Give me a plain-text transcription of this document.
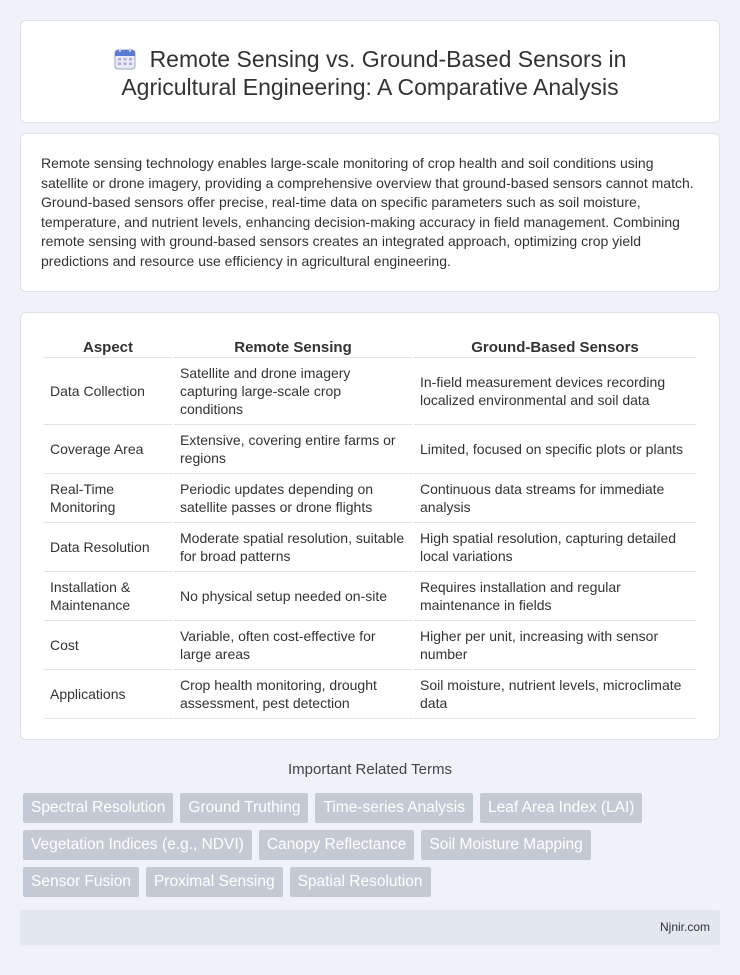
Remote Sensing vs. Ground-Based Sensors in
Agricultural Engineering: A Comparative Analysis

Remote sensing technology enables large-scale monitoring of crop health and soil conditions using satellite or drone imagery, providing a comprehensive overview that ground-based sensors cannot match. Ground-based sensors offer precise, real-time data on specific parameters such as soil moisture, temperature, and nutrient levels, enhancing decision-making accuracy in field management. Combining remote sensing with ground-based sensors creates an integrated approach, optimizing crop yield predictions and resource use efficiency in agricultural engineering.

Aspect	Remote Sensing	Ground-Based Sensors
Data Collection	Satellite and drone imagery capturing large-scale crop conditions	In-field measurement devices recording localized environmental and soil data
Coverage Area	Extensive, covering entire farms or regions	Limited, focused on specific plots or plants
Real-Time Monitoring	Periodic updates depending on satellite passes or drone flights	Continuous data streams for immediate analysis
Data Resolution	Moderate spatial resolution, suitable for broad patterns	High spatial resolution, capturing detailed local variations
Installation & Maintenance	No physical setup needed on-site	Requires installation and regular maintenance in fields
Cost	Variable, often cost-effective for large areas	Higher per unit, increasing with sensor number
Applications	Crop health monitoring, drought assessment, pest detection	Soil moisture, nutrient levels, microclimate data
Important Related Terms
Spectral Resolution	Ground Truthing	Time-series Analysis	Leaf Area Index (LAI)
Vegetation Indices (e.g., NDVI)	Canopy Reflectance	Soil Moisture Mapping
Sensor Fusion	Proximal Sensing	Spatial Resolution
Njnir.com
